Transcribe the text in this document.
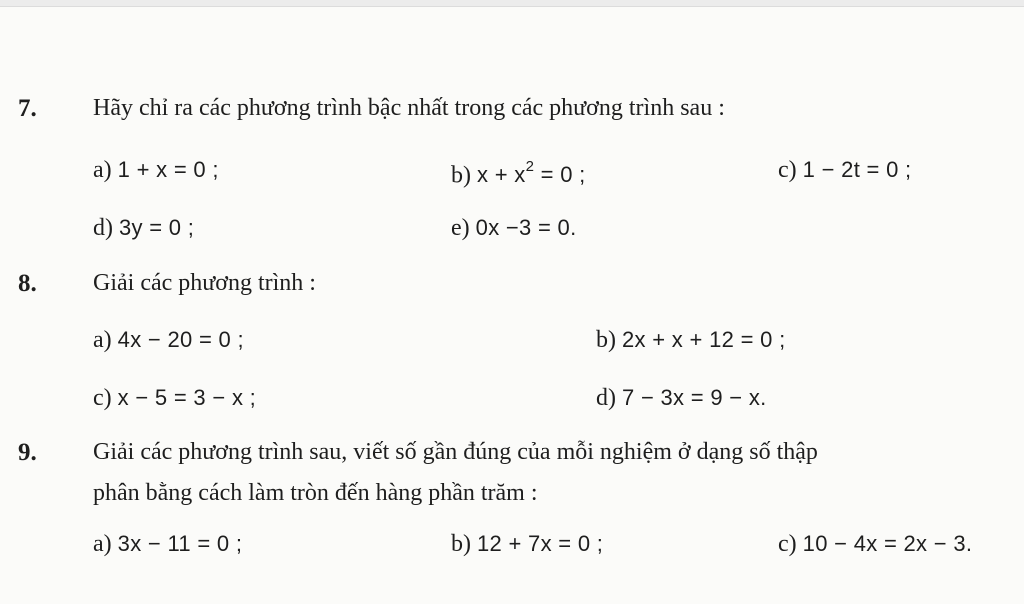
7. Hãy chỉ ra các phương trình bậc nhất trong các phương trình sau :
a) 1 + x = 0 ;	b) $x + x^2 = 0$ ;	c) 1 − 2t = 0 ;
d) 3y = 0 ;	e) 0x −3 = 0.
8. Giải các phương trình :
a) 4x − 20 = 0 ;	b) 2x + x + 12 = 0 ;
c) x − 5 = 3 − x ;	d) 7 − 3x = 9 − x.
9. Giải các phương trình sau, viết số gần đúng của mỗi nghiệm ở dạng số thập
phân bằng cách làm tròn đến hàng phần trăm :
a) 3x − 11 = 0 ;	b) 12 + 7x = 0 ;	c) 10 − 4x = 2x − 3.
